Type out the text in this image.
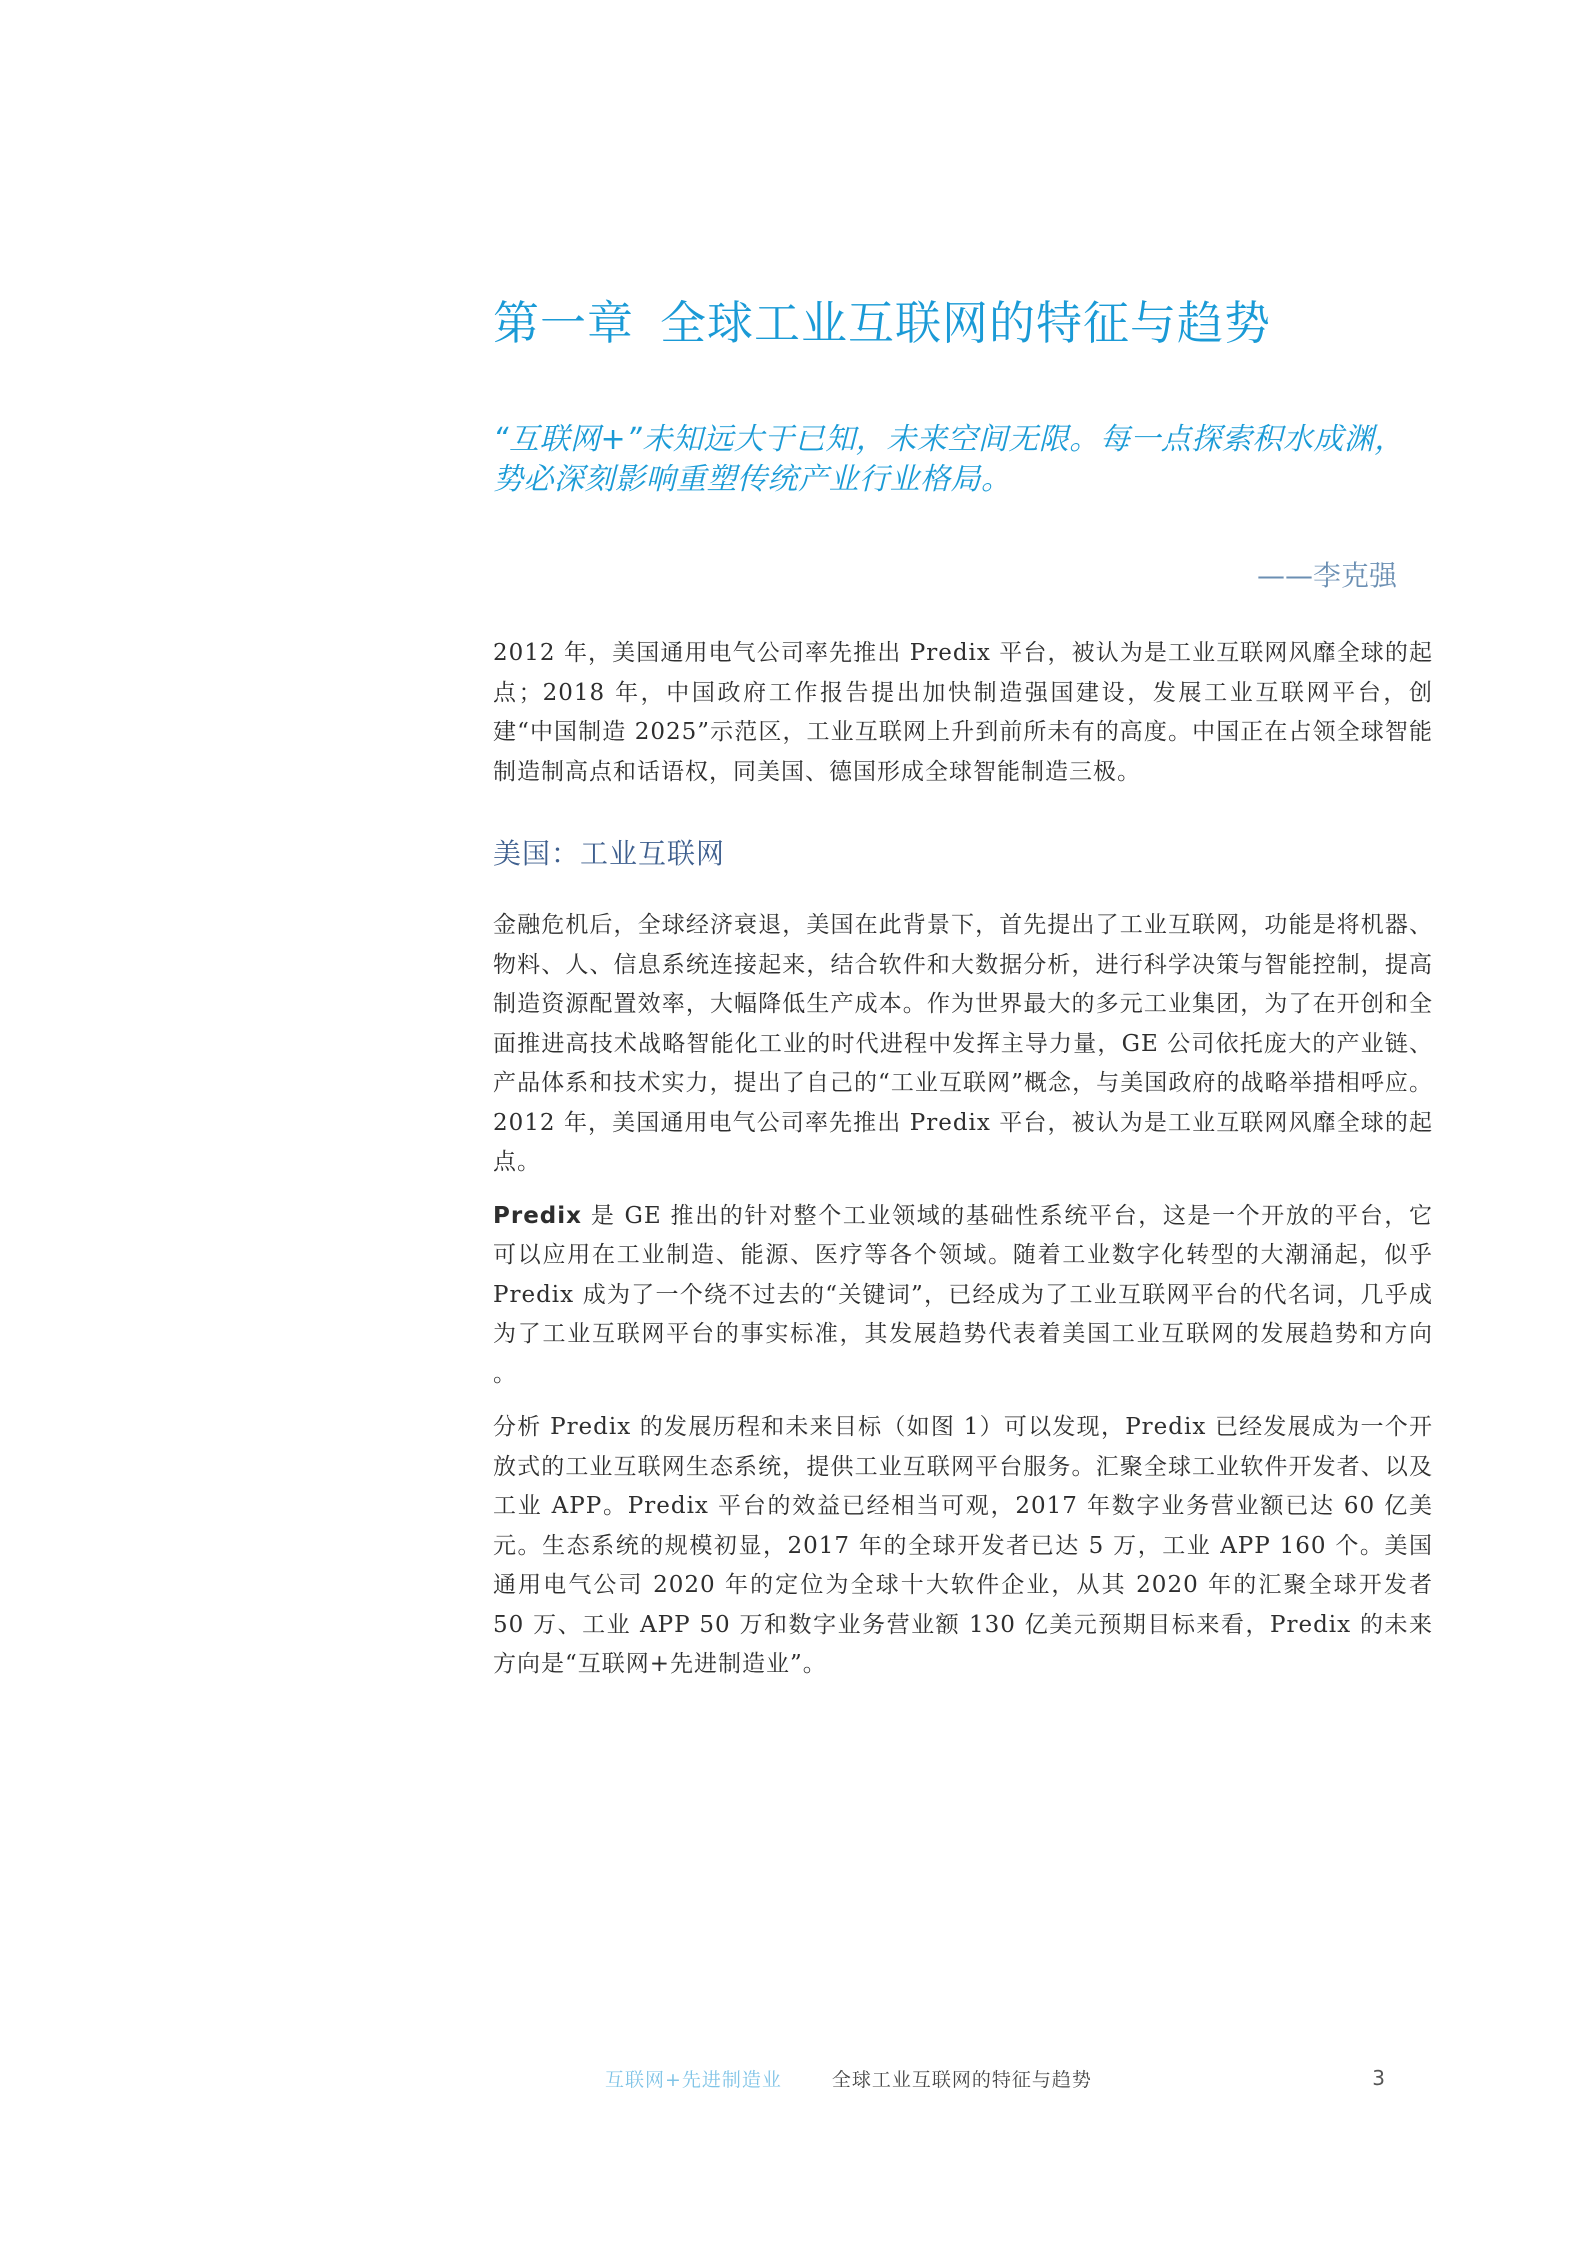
第一章 全球工业互联网的特征与趋势

“互联网+”未知远大于已知，未来空间无限。每一点探索积水成渊，势必深刻影响重塑传统产业行业格局。

——李克强

2012 年，美国通用电气公司率先推出 Predix 平台，被认为是工业互联网风靡全球的起点；2018 年，中国政府工作报告提出加快制造强国建设，发展工业互联网平台，创建“中国制造 2025”示范区，工业互联网上升到前所未有的高度。中国正在占领全球智能制造制高点和话语权，同美国、德国形成全球智能制造三极。

美国：工业互联网

金融危机后，全球经济衰退，美国在此背景下，首先提出了工业互联网，功能是将机器、物料、人、信息系统连接起来，结合软件和大数据分析，进行科学决策与智能控制，提高制造资源配置效率，大幅降低生产成本。作为世界最大的多元工业集团，为了在开创和全面推进高技术战略智能化工业的时代进程中发挥主导力量，GE 公司依托庞大的产业链、产品体系和技术实力，提出了自己的“工业互联网”概念，与美国政府的战略举措相呼应。2012 年，美国通用电气公司率先推出 Predix 平台，被认为是工业互联网风靡全球的起点。

Predix 是 GE 推出的针对整个工业领域的基础性系统平台，这是一个开放的平台，它可以应用在工业制造、能源、医疗等各个领域。随着工业数字化转型的大潮涌起，似乎 Predix 成为了一个绕不过去的“关键词”，已经成为了工业互联网平台的代名词，几乎成为了工业互联网平台的事实标准，其发展趋势代表着美国工业互联网的发展趋势和方向 。

分析 Predix 的发展历程和未来目标（如图 1）可以发现，Predix 已经发展成为一个开放式的工业互联网生态系统，提供工业互联网平台服务。汇聚全球工业软件开发者、以及工业 APP。Predix 平台的效益已经相当可观，2017 年数字业务营业额已达 60 亿美元。生态系统的规模初显，2017 年的全球开发者已达 5 万，工业 APP 160 个。美国通用电气公司 2020 年的定位为全球十大软件企业，从其 2020 年的汇聚全球开发者 50 万、工业 APP 50 万和数字业务营业额 130 亿美元预期目标来看，Predix 的未来方向是“互联网+先进制造业”。

互联网+先进制造业	全球工业互联网的特征与趋势	3
